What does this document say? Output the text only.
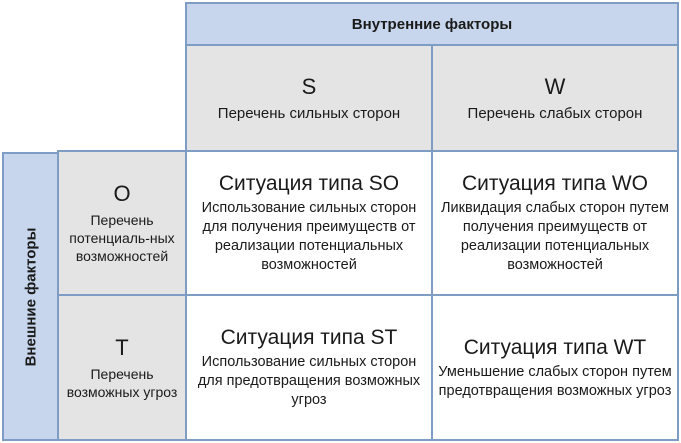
Внутренние факторы
Внешние факторы
S
Перечень сильных сторон
W
Перечень слабых сторон
O
Перечень потенциаль-ных возможностей
T
Перечень возможных угроз
Ситуация типа SO
Использование сильных сторон для получения преимуществ от реализации потенциальных возможностей
Ситуация типа WO
Ликвидация слабых сторон путем получения преимуществ от реализации потенциальных возможностей
Ситуация типа ST
Использование сильных сторон для предотвращения возможных угроз
Ситуация типа WT
Уменьшение слабых сторон путем предотвращения возможных угроз
